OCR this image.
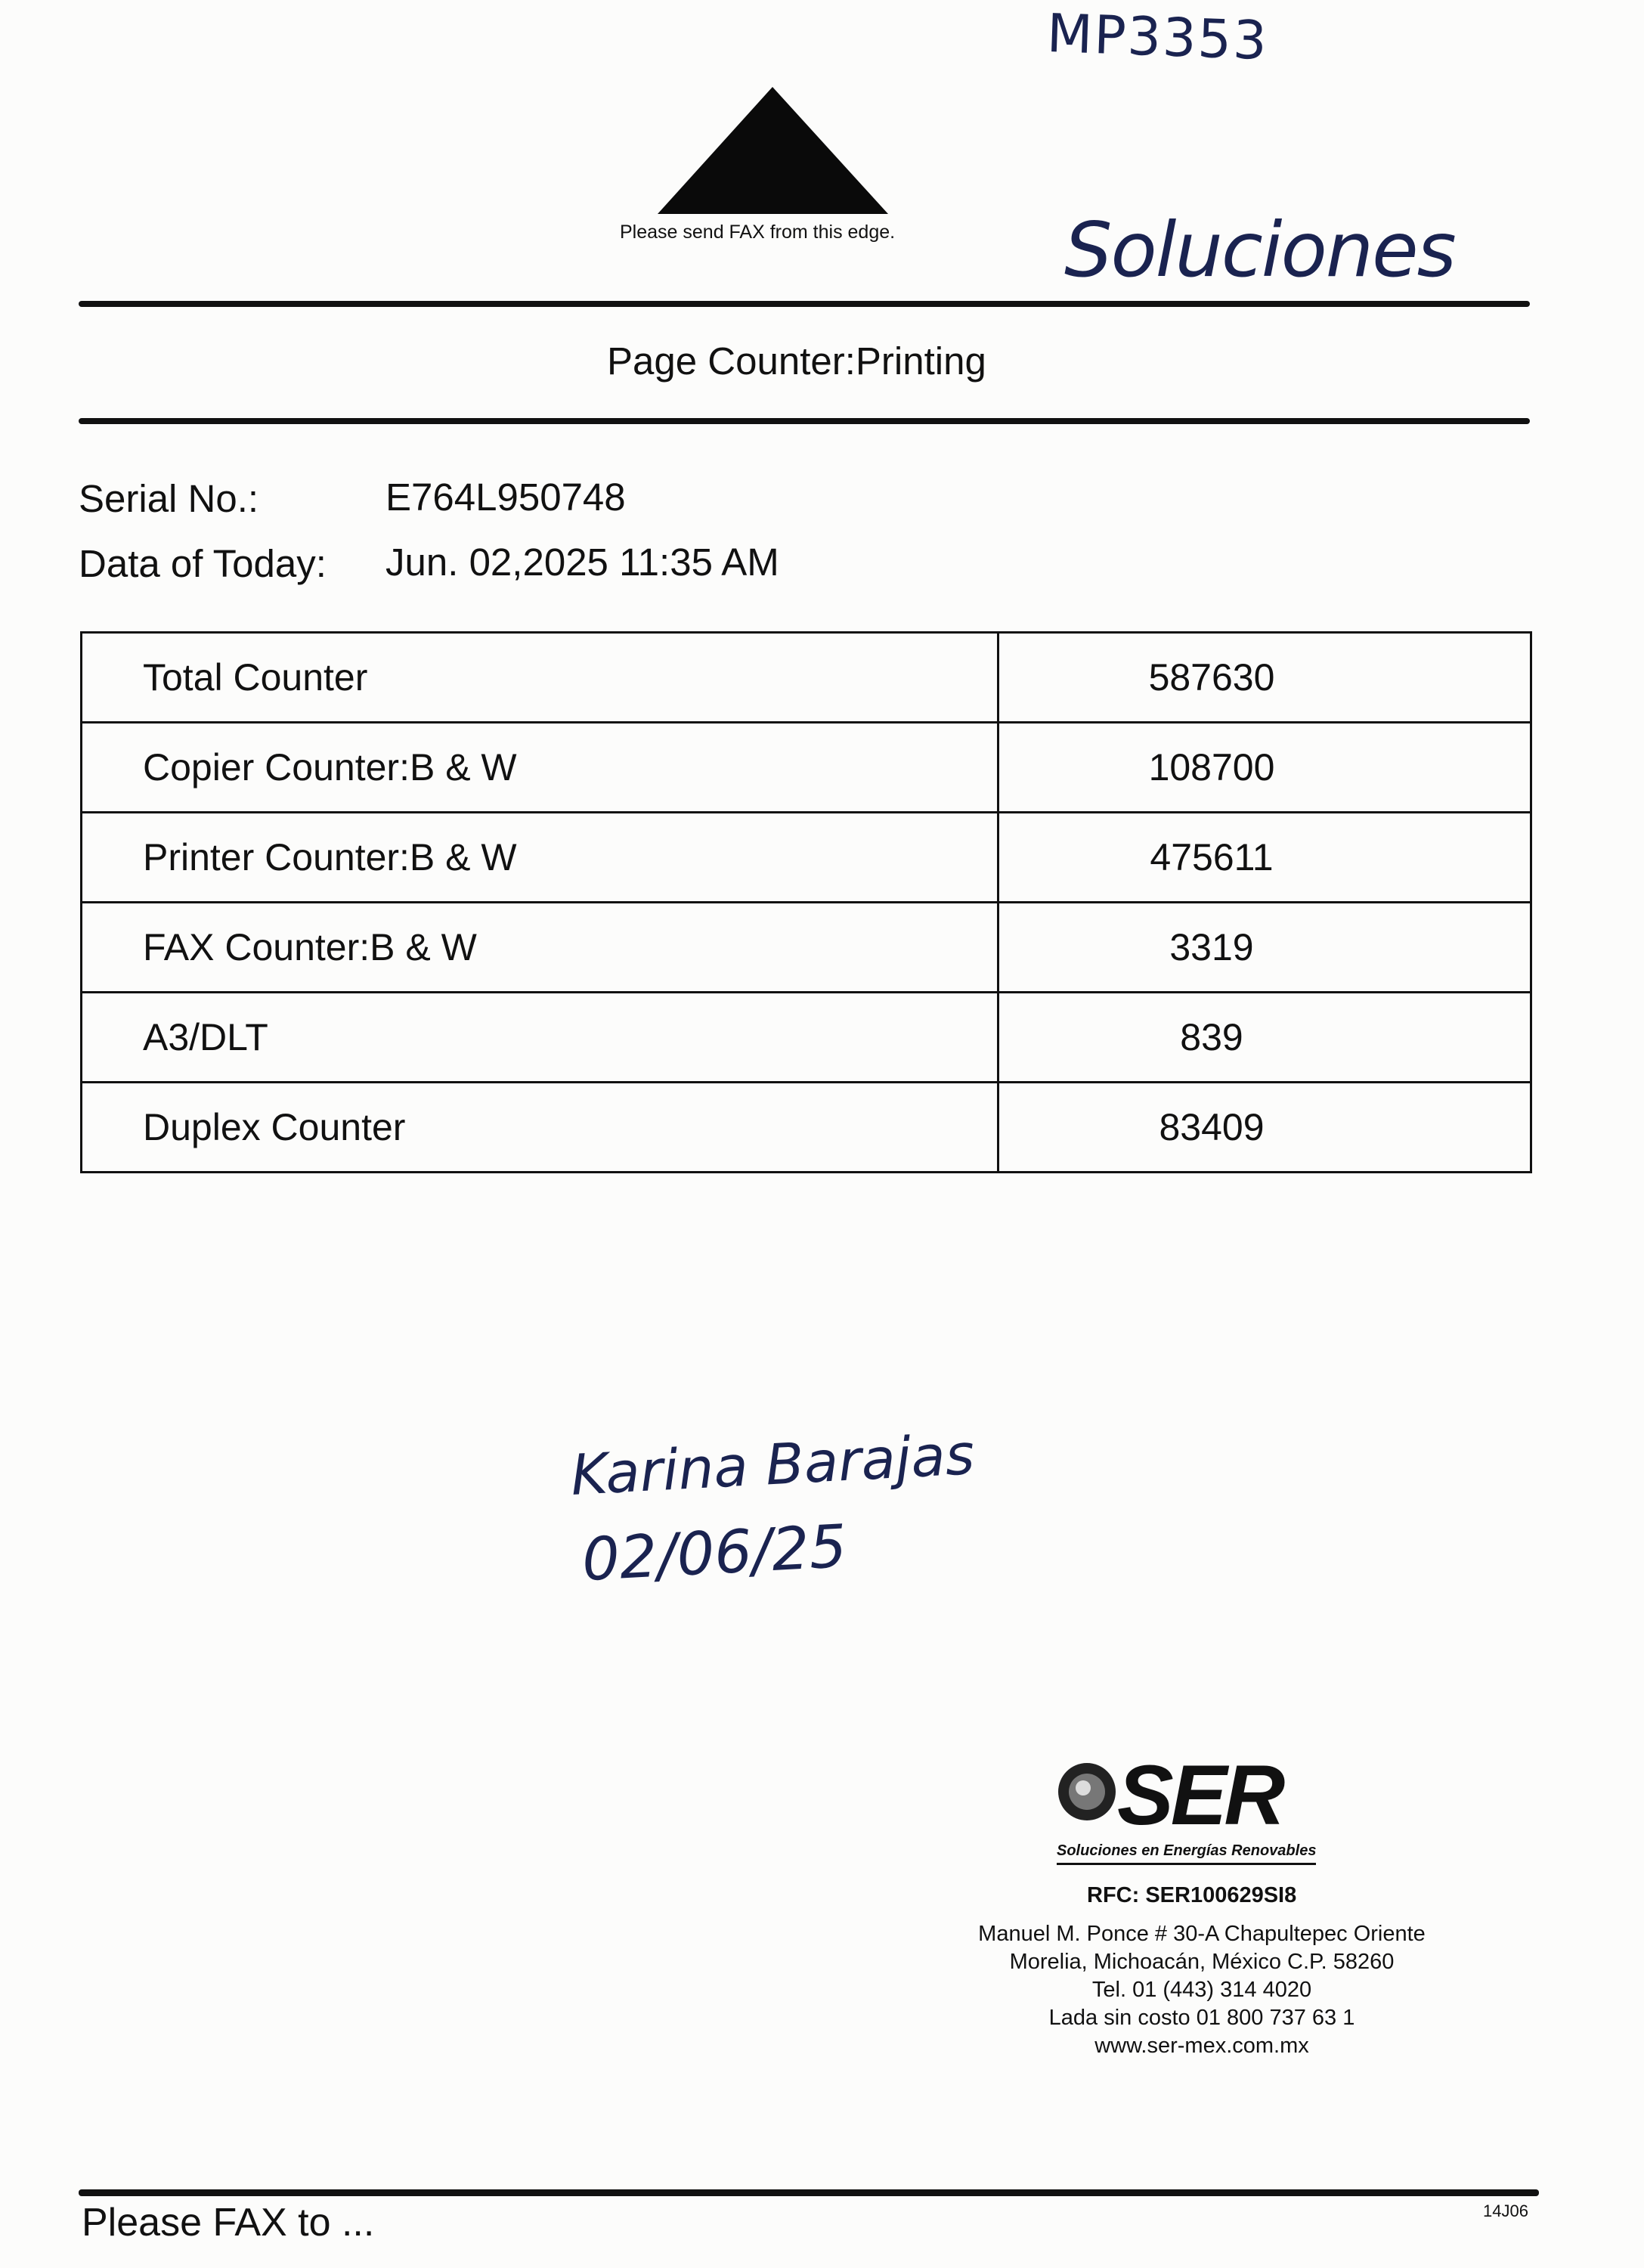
MP3353
Please send FAX from this edge. Soluciones
Page Counter:Printing
Serial No.:	E764L950748
Data of Today: Jun. 02,2025 11:35 AM
Total Counter	587630
Copier Counter:B & W	108700
Printer Counter:B & W	475611
FAX Counter:B & W	3319
A3/DLT	839
Duplex Counter	83409
Karina Barajas
02/06/25
SER
Soluciones en Energías Renovables
RFC: SER100629SI8
Manuel M. Ponce # 30-A Chapultepec Oriente
Morelia, Michoacán, México C.P. 58260
Tel. 01 (443) 314 4020
Lada sin costo 01 800 737 63 1
www.ser-mex.com.mx
Please FAX to ...	14J06
